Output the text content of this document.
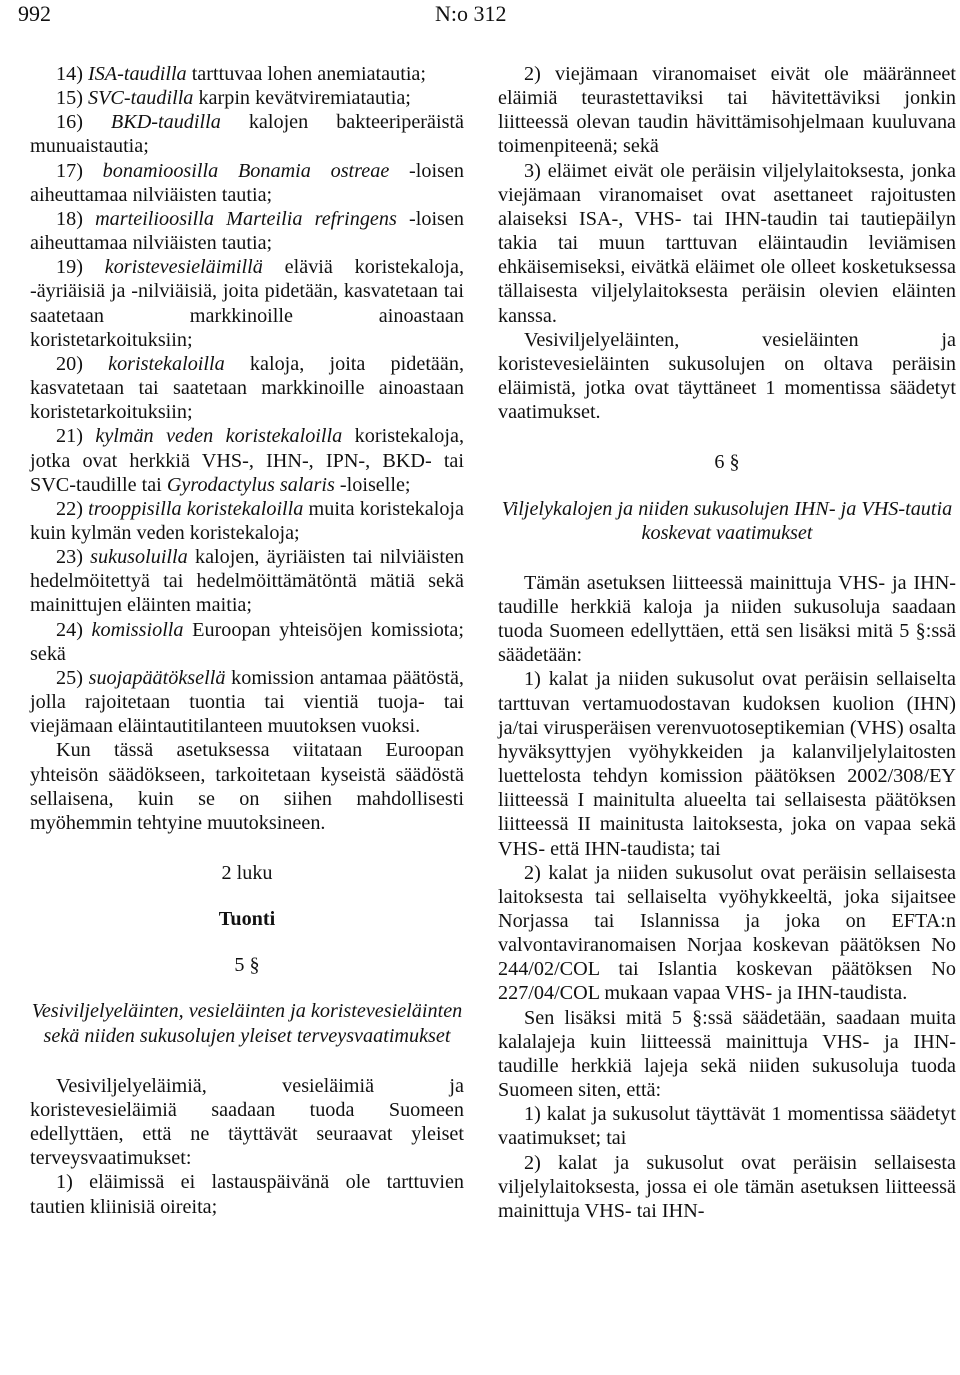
992	N:o 312

14) ISA-taudilla tarttuvaa lohen anemiatautia;

15) SVC-taudilla karpin kevätviremiatautia;

16) BKD-taudilla kalojen bakteeriperäistä munuaistautia;

17) bonamioosilla Bonamia ostreae -loisen aiheuttamaa nilviäisten tautia;

18) marteilioosilla Marteilia refringens -loisen aiheuttamaa nilviäisten tautia;

19) koristevesieläimillä eläviä koristekaloja, -äyriäisiä ja -nilviäisiä, joita pidetään, kasvatetaan tai saatetaan markkinoille ainoastaan koristetarkoituksiin;

20) koristekaloilla kaloja, joita pidetään, kasvatetaan tai saatetaan markkinoille ainoastaan koristetarkoituksiin;

21) kylmän veden koristekaloilla koristekaloja, jotka ovat herkkiä VHS-, IHN-, IPN-, BKD- tai SVC-taudille tai Gyrodactylus salaris -loiselle;

22) trooppisilla koristekaloilla muita koristekaloja kuin kylmän veden koristekaloja;

23) sukusoluilla kalojen, äyriäisten tai nilviäisten hedelmöitettyä tai hedelmöittämätöntä mätiä sekä mainittujen eläinten maitia;

24) komissiolla Euroopan yhteisöjen komissiota; sekä

25) suojapäätöksellä komission antamaa päätöstä, jolla rajoitetaan tuontia tai vientiä tuoja- tai viejämaan eläintautitilanteen muutoksen vuoksi.

Kun tässä asetuksessa viitataan Euroopan yhteisön säädökseen, tarkoitetaan kyseistä säädöstä sellaisena, kuin se on siihen mahdollisesti myöhemmin tehtyine muutoksineen.

2 luku

Tuonti

5 §

Vesiviljelyeläinten, vesieläinten ja koristevesieläinten sekä niiden sukusolujen yleiset terveysvaatimukset

Vesiviljelyeläimiä, vesieläimiä ja koristevesieläimiä saadaan tuoda Suomeen edellyttäen, että ne täyttävät seuraavat yleiset terveysvaatimukset:

1) eläimissä ei lastauspäivänä ole tarttuvien tautien kliinisiä oireita;

2) viejämaan viranomaiset eivät ole määränneet eläimiä teurastettaviksi tai hävitettäviksi jonkin liitteessä olevan taudin hävittämisohjelmaan kuuluvana toimenpiteenä; sekä

3) eläimet eivät ole peräisin viljelylaitoksesta, jonka viejämaan viranomaiset ovat asettaneet rajoitusten alaiseksi ISA-, VHS- tai IHN-taudin tai tautiepäilyn takia tai muun tarttuvan eläintaudin leviämisen ehkäisemiseksi, eivätkä eläimet ole olleet kosketuksessa tällaisesta viljelylaitoksesta peräisin olevien eläinten kanssa.

Vesiviljelyeläinten, vesieläinten ja koristevesieläinten sukusolujen on oltava peräisin eläimistä, jotka ovat täyttäneet 1 momentissa säädetyt vaatimukset.

6 §

Viljelykalojen ja niiden sukusolujen IHN- ja VHS-tautia koskevat vaatimukset

Tämän asetuksen liitteessä mainittuja VHS- ja IHN-taudille herkkiä kaloja ja niiden sukusoluja saadaan tuoda Suomeen edellyttäen, että sen lisäksi mitä 5 §:ssä säädetään:

1) kalat ja niiden sukusolut ovat peräisin sellaiselta tarttuvan vertamuodostavan kudoksen kuolion (IHN) ja/tai virusperäisen verenvuotoseptikemian (VHS) osalta hyväksyttyjen vyöhykkeiden ja kalanviljelylaitosten luettelosta tehdyn komission päätöksen 2002/308/EY liitteessä I mainitulta alueelta tai sellaisesta päätöksen liitteessä II mainitusta laitoksesta, joka on vapaa sekä VHS- että IHN-taudista; tai

2) kalat ja niiden sukusolut ovat peräisin sellaisesta laitoksesta tai sellaiselta vyöhykkeeltä, joka sijaitsee Norjassa tai Islannissa ja joka on EFTA:n valvontaviranomaisen Norjaa koskevan päätöksen No 244/02/COL tai Islantia koskevan päätöksen No 227/04/COL mukaan vapaa VHS- ja IHN-taudista.

Sen lisäksi mitä 5 §:ssä säädetään, saadaan muita kalalajeja kuin liitteessä mainittuja VHS- ja IHN-taudille herkkiä lajeja sekä niiden sukusoluja tuoda Suomeen siten, että:

1) kalat ja sukusolut täyttävät 1 momentissa säädetyt vaatimukset; tai

2) kalat ja sukusolut ovat peräisin sellaisesta viljelylaitoksesta, jossa ei ole tämän asetuksen liitteessä mainittuja VHS- tai IHN-
